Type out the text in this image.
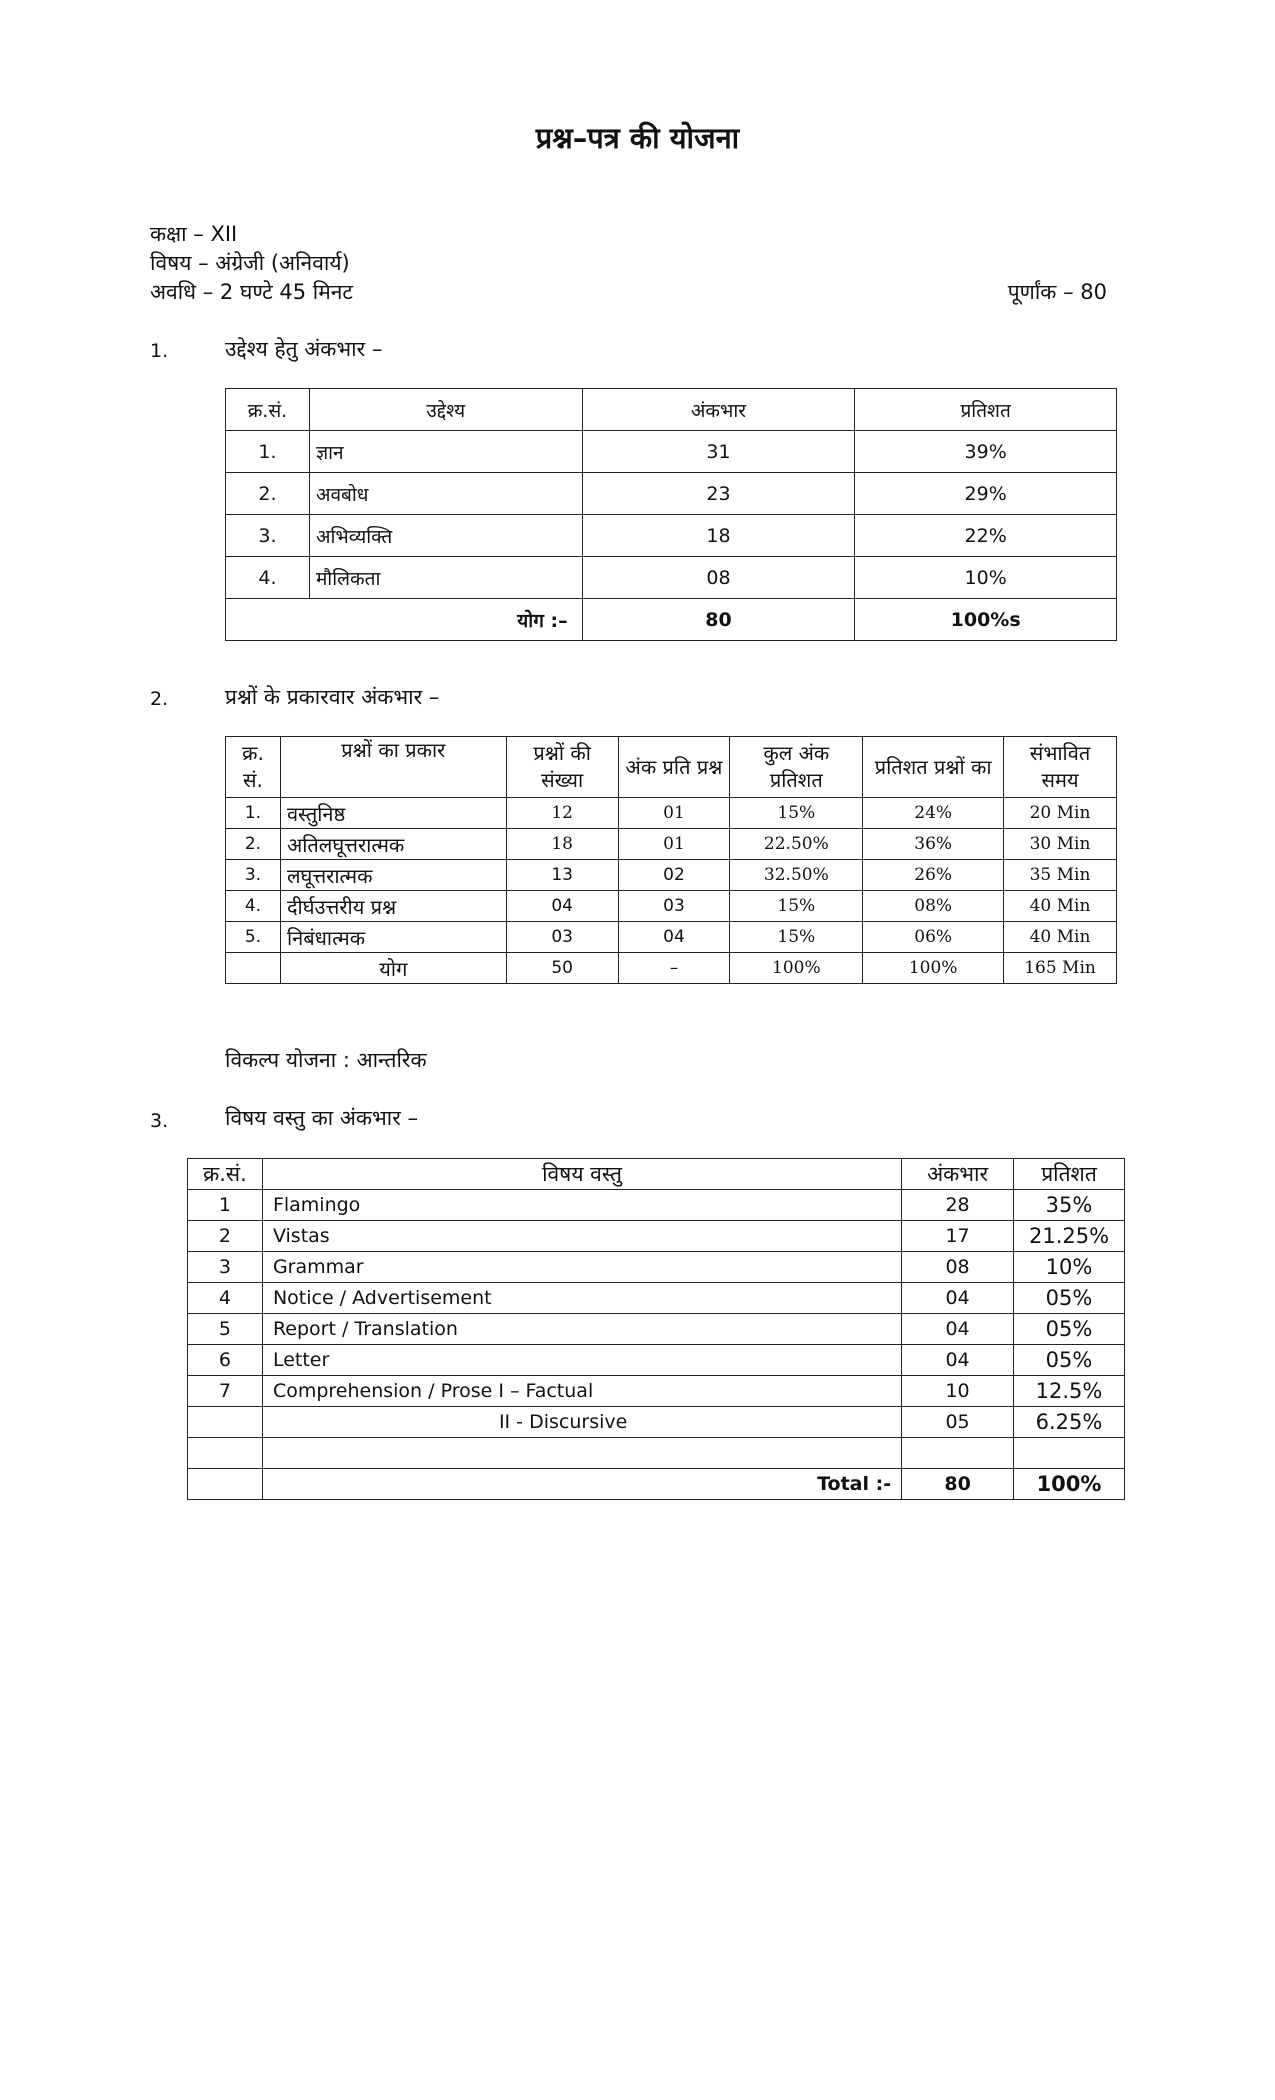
प्रश्न–पत्र की योजना
कक्षा – XII
विषय – अंग्रेजी (अनिवार्य)
अवधि – 2 घण्टे 45 मिनट	पूर्णांक – 80
1.	उद्देश्य हेतु अंकभार –
क्र.सं.	उद्देश्य	अंकभार	प्रतिशत
1.	ज्ञान	31	39%
2.	अवबोध	23	29%
3.	अभिव्यक्ति	18	22%
4.	मौलिकता	08	10%
योग :–		80	100%s
2.	प्रश्नों के प्रकारवार अंकभार –
क्र. सं.	प्रश्नों का प्रकार	प्रश्नों की संख्या	अंक प्रति प्रश्न	कुल अंक प्रतिशत	प्रतिशत प्रश्नों का	संभावित समय
1.	वस्तुनिष्ठ	12	01	15%	24%	20 Min
2.	अतिलघूत्तरात्मक	18	01	22.50%	36%	30 Min
3.	लघूत्तरात्मक	13	02	32.50%	26%	35 Min
4.	दीर्घउत्तरीय प्रश्न	04	03	15%	08%	40 Min
5.	निबंधात्मक	03	04	15%	06%	40 Min
	योग	50	–	100%	100%	165 Min
विकल्प योजना : आन्तरिक
3.	विषय वस्तु का अंकभार –
क्र.सं.	विषय वस्तु	अंकभार	प्रतिशत
1	Flamingo	28	35%
2	Vistas	17	21.25%
3	Grammar	08	10%
4	Notice / Advertisement	04	05%
5	Report / Translation	04	05%
6	Letter	04	05%
7	Comprehension / Prose I – Factual	10	12.5%
	II - Discursive	05	6.25%

	Total :-	80	100%
